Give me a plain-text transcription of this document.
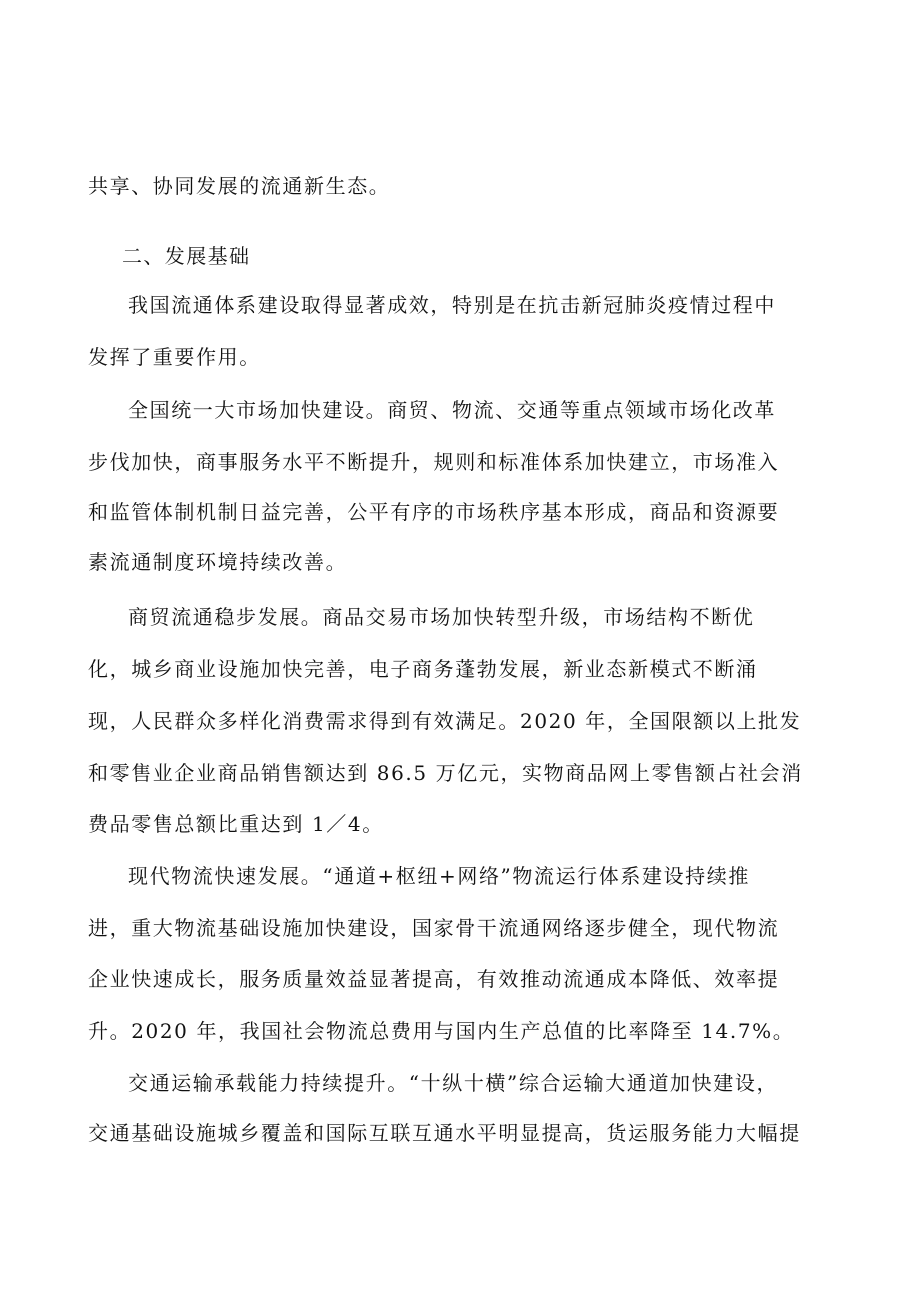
共享、协同发展的流通新生态。
二、发展基础
我国流通体系建设取得显著成效，特别是在抗击新冠肺炎疫情过程中
发挥了重要作用。
全国统一大市场加快建设。商贸、物流、交通等重点领域市场化改革
步伐加快，商事服务水平不断提升，规则和标准体系加快建立，市场准入
和监管体制机制日益完善，公平有序的市场秩序基本形成，商品和资源要
素流通制度环境持续改善。
商贸流通稳步发展。商品交易市场加快转型升级，市场结构不断优
化，城乡商业设施加快完善，电子商务蓬勃发展，新业态新模式不断涌
现，人民群众多样化消费需求得到有效满足。2020 年，全国限额以上批发
和零售业企业商品销售额达到 86.5 万亿元，实物商品网上零售额占社会消
费品零售总额比重达到 1／4。
现代物流快速发展。“通道+枢纽+网络”物流运行体系建设持续推
进，重大物流基础设施加快建设，国家骨干流通网络逐步健全，现代物流
企业快速成长，服务质量效益显著提高，有效推动流通成本降低、效率提
升。2020 年，我国社会物流总费用与国内生产总值的比率降至 14.7%。
交通运输承载能力持续提升。“十纵十横”综合运输大通道加快建设，
交通基础设施城乡覆盖和国际互联互通水平明显提高，货运服务能力大幅提
